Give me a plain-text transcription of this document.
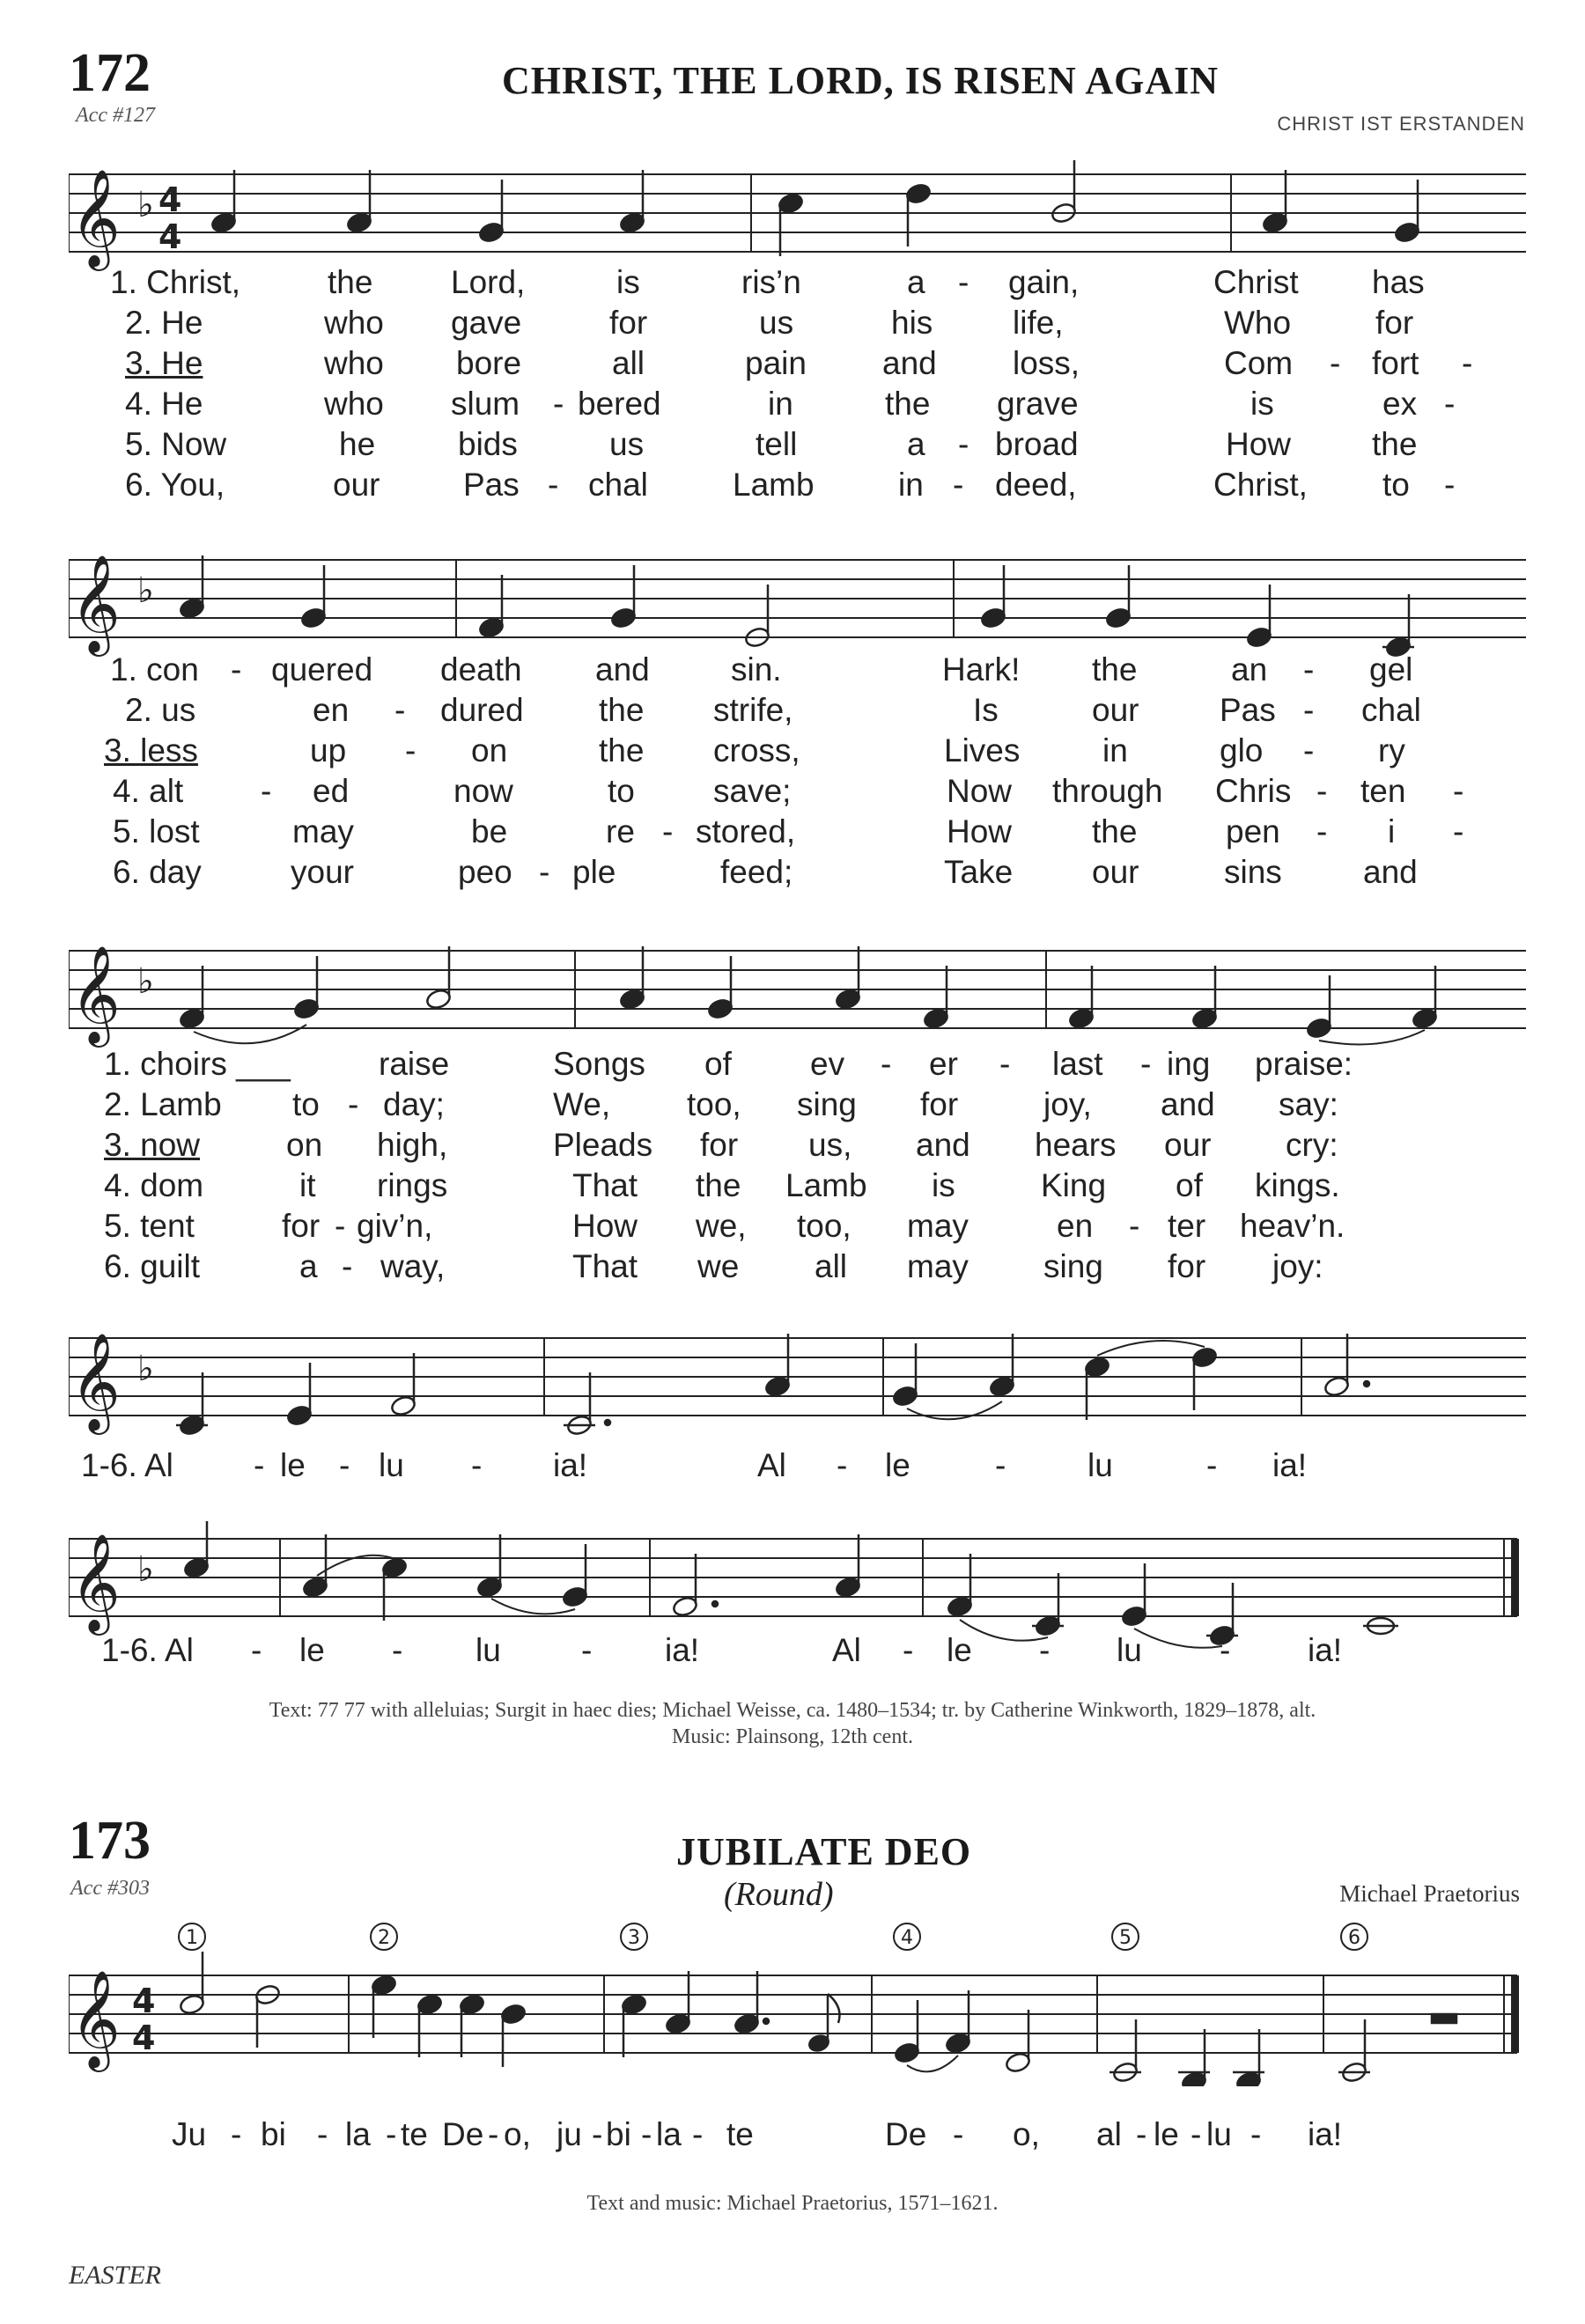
172
Acc #127
CHRIST, THE LORD, IS RISEN AGAIN
CHRIST IST ERSTANDEN
𝄞 ♭ 4
4
1. Christ,	the Lord,	is	ris’n	a - gain,	Christ has
2. He	who gave	for	us	his life,	Who	for
3. He	who bore	all	pain and loss,	Com - fort -
4. He	who slum - bered	in	the grave	is	ex -
5. Now	he	bids	us	tell	a - broad	How the
6. You,	our	Pas - chal	Lamb	in - deed,	Christ, to -
𝄞 ♭
1. con - quered death and sin.	Hark! the	an - gel
2. us	en - dured the strife,	Is	our Pas - chal
3. less	up - on	the cross,	Lives	in	glo - ry
4. alt - ed	now	to save;	Now through Chris - ten -
5. lost	may	be	re - stored,	How the	pen - i -
6. day	your	peo - ple	feed;	Take our	sins and
𝄞 ♭
1. choirs ___	raise	Songs of ev - er - last - ing praise:
2. Lamb to - day;	We, too, sing for	joy, and say:
3. now	on high,	Pleads for us, and hears our cry:
4. dom	it rings	That the Lamb is	King of kings.
5. tent	for - giv’n,	How we, too, may	en - ter heav’n.
6. guilt	a - way,	That we all may sing for joy:
𝄞 ♭
1-6. Al - le - lu - ia!	Al - le	-	lu	- ia!
𝄞 ♭
1-6. Al - le - lu - ia!	Al - le - lu - ia!
Text: 77 77 with alleluias; Surgit in haec dies; Michael Weisse, ca. 1480–1534; tr. by Catherine Winkworth, 1829–1878, alt.
Music: Plainsong, 12th cent.
173
Acc #303
JUBILATE DEO
(Round)	Michael Praetorius
𝄞 4
4
1	2	3	4	5	6
Ju - bi - la - te De - o, ju - bi - la - te	De - o, al - le - lu - ia!
Text and music: Michael Praetorius, 1571–1621.
EASTER
